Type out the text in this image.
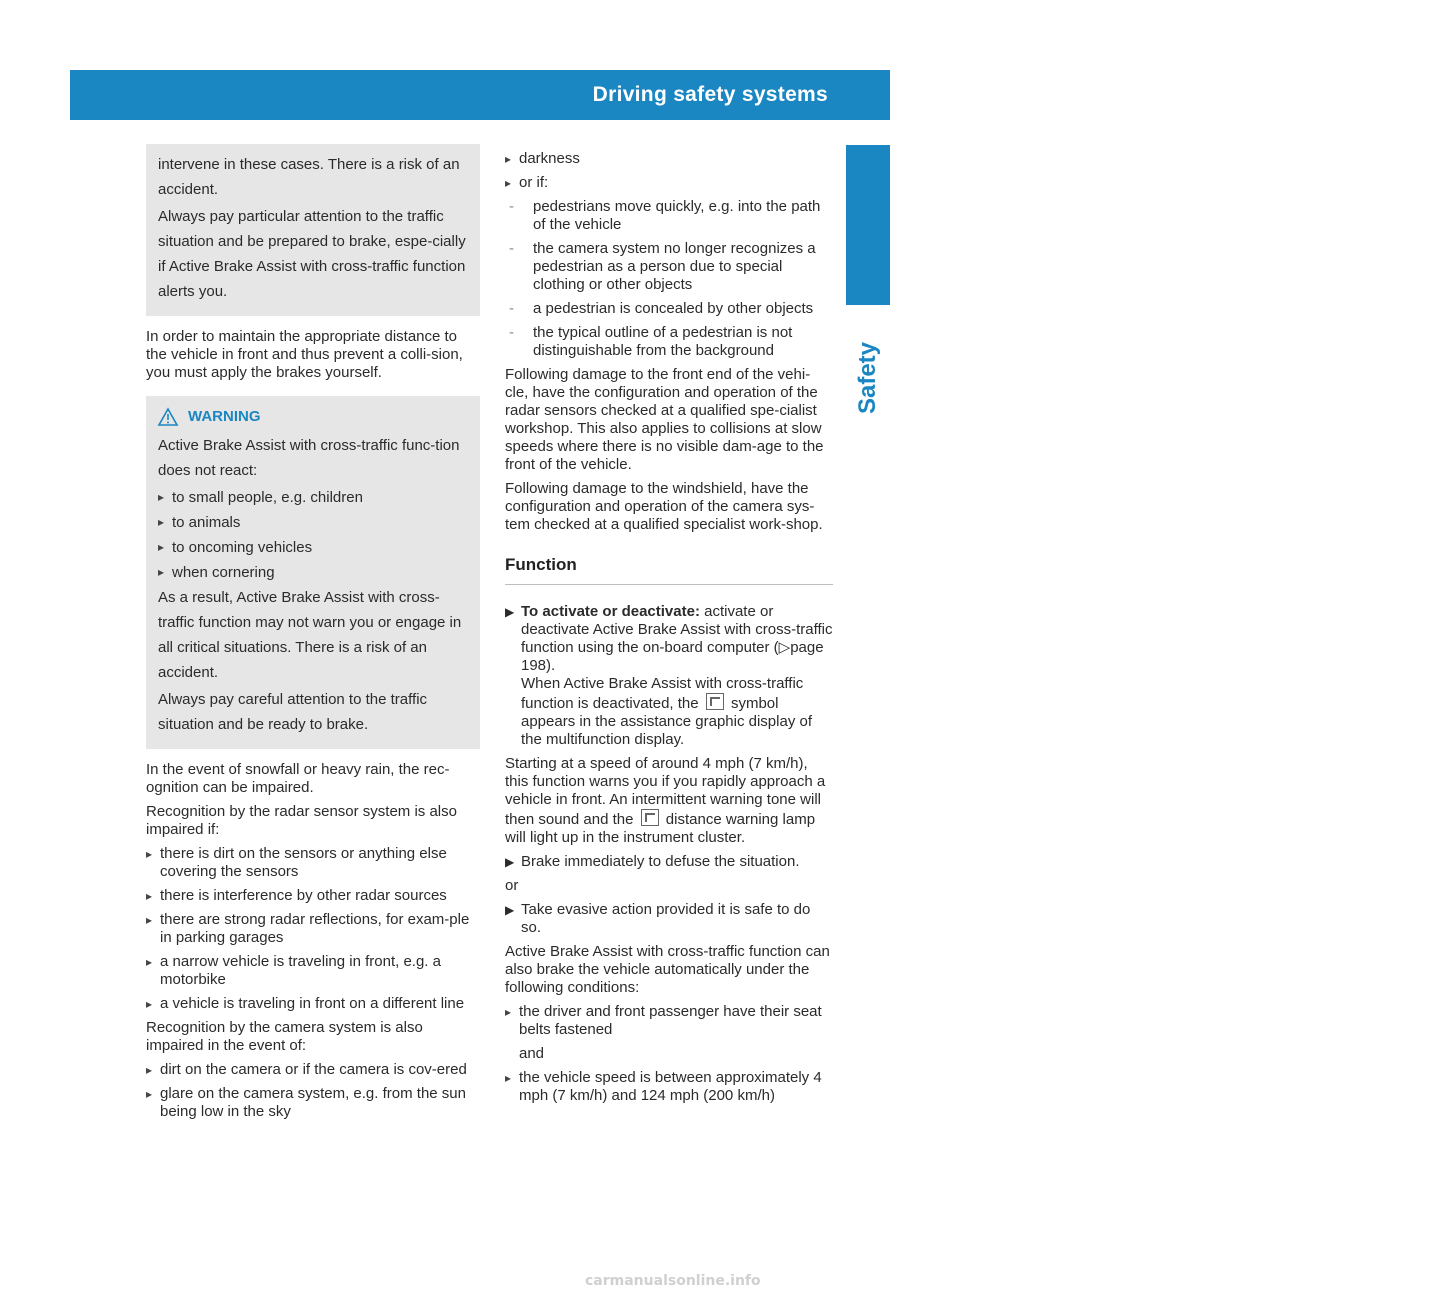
Driving safety systems	71
Safety

intervene in these cases. There is a risk of an accident.

Always pay particular attention to the traffic situation and be prepared to brake, espe-cially if Active Brake Assist with cross-traffic function alerts you.

In order to maintain the appropriate distance to the vehicle in front and thus prevent a colli-sion, you must apply the brakes yourself.

WARNING

Active Brake Assist with cross-traffic func-tion does not react:

▸ to small people, e.g. children
▸ to animals
▸ to oncoming vehicles
▸ when cornering

As a result, Active Brake Assist with cross-traffic function may not warn you or engage in all critical situations. There is a risk of an accident.

Always pay careful attention to the traffic situation and be ready to brake.

In the event of snowfall or heavy rain, the rec-ognition can be impaired.

Recognition by the radar sensor system is also impaired if:

▸ there is dirt on the sensors or anything else covering the sensors
▸ there is interference by other radar sources
▸ there are strong radar reflections, for exam-ple in parking garages
▸ a narrow vehicle is traveling in front, e.g. a motorbike
▸ a vehicle is traveling in front on a different line

Recognition by the camera system is also impaired in the event of:

▸ dirt on the camera or if the camera is cov-ered
▸ glare on the camera system, e.g. from the sun being low in the sky
▸ darkness
▸ or if:
- pedestrians move quickly, e.g. into the path of the vehicle
- the camera system no longer recognizes a pedestrian as a person due to special clothing or other objects
- a pedestrian is concealed by other objects
- the typical outline of a pedestrian is not distinguishable from the background

Following damage to the front end of the vehi-cle, have the configuration and operation of the radar sensors checked at a qualified spe-cialist workshop. This also applies to collisions at slow speeds where there is no visible dam-age to the front of the vehicle.

Following damage to the windshield, have the configuration and operation of the camera sys-tem checked at a qualified specialist work-shop.

Function
▶ To activate or deactivate: activate or deactivate Active Brake Assist with cross-traffic function using the on-board computer (▷page 198).
When Active Brake Assist with cross-traffic function is deactivated, the symbol appears in the assistance graphic display of the multifunction display.

Starting at a speed of around 4 mph (7 km/h), this function warns you if you rapidly approach a vehicle in front. An intermittent warning tone will then sound and the distance warning lamp will light up in the instrument cluster.

▶ Brake immediately to defuse the situation.

or

▶ Take evasive action provided it is safe to do so.

Active Brake Assist with cross-traffic function can also brake the vehicle automatically under the following conditions:

▸ the driver and front passenger have their seat belts fastened

and

▸ the vehicle speed is between approximately 4 mph (7 km/h) and 124 mph (200 km/h)
carmanualsonline.info
